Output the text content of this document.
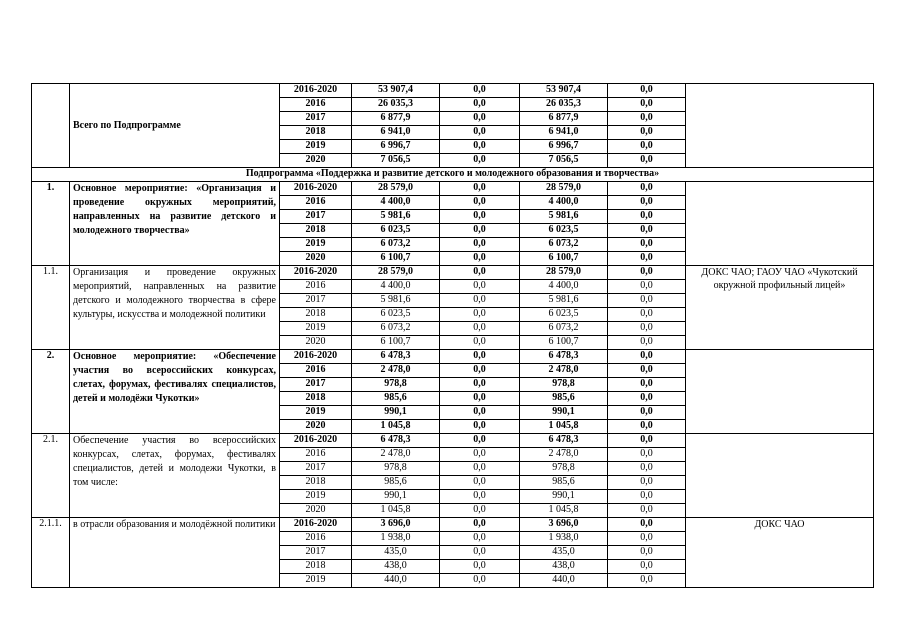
	Всего по Подпрограмме	2016-2020	53 907,4	0,0	53 907,4	0,0	
		2016	26 035,3	0,0	26 035,3	0,0	
		2017	6 877,9	0,0	6 877,9	0,0	
		2018	6 941,0	0,0	6 941,0	0,0	
		2019	6 996,7	0,0	6 996,7	0,0	
		2020	7 056,5	0,0	7 056,5	0,0	
Подпрограмма «Поддержка и развитие детского и молодежного образования и творчества»							
1.	Основное мероприятие: «Организация и проведение окружных мероприятий, направленных на развитие детского и молодежного творчества»	2016-2020	28 579,0	0,0	28 579,0	0,0	
		2016	4 400,0	0,0	4 400,0	0,0	
		2017	5 981,6	0,0	5 981,6	0,0	
		2018	6 023,5	0,0	6 023,5	0,0	
		2019	6 073,2	0,0	6 073,2	0,0	
		2020	6 100,7	0,0	6 100,7	0,0	
1.1.	Организация и проведение окружных мероприятий, направленных на развитие детского и молодежного творчества в сфере культуры, искусства и молодежной политики	2016-2020	28 579,0	0,0	28 579,0	0,0	ДОКС ЧАО; ГАОУ ЧАО «Чукотский окружной профильный лицей»
		2016	4 400,0	0,0	4 400,0	0,0	
		2017	5 981,6	0,0	5 981,6	0,0	
		2018	6 023,5	0,0	6 023,5	0,0	
		2019	6 073,2	0,0	6 073,2	0,0	
		2020	6 100,7	0,0	6 100,7	0,0	
2.	Основное мероприятие: «Обеспечение участия во всероссийских конкурсах, слетах, форумах, фестивалях специалистов, детей и молодёжи Чукотки»	2016-2020	6 478,3	0,0	6 478,3	0,0	
		2016	2 478,0	0,0	2 478,0	0,0	
		2017	978,8	0,0	978,8	0,0	
		2018	985,6	0,0	985,6	0,0	
		2019	990,1	0,0	990,1	0,0	
		2020	1 045,8	0,0	1 045,8	0,0	
2.1.	Обеспечение участия во всероссийских конкурсах, слетах, форумах, фестивалях специалистов, детей и молодежи Чукотки, в том числе:	2016-2020	6 478,3	0,0	6 478,3	0,0	
		2016	2 478,0	0,0	2 478,0	0,0	
		2017	978,8	0,0	978,8	0,0	
		2018	985,6	0,0	985,6	0,0	
		2019	990,1	0,0	990,1	0,0	
		2020	1 045,8	0,0	1 045,8	0,0	
2.1.1.	в отрасли образования и молодёжной политики	2016-2020	3 696,0	0,0	3 696,0	0,0	ДОКС ЧАО
		2016	1 938,0	0,0	1 938,0	0,0	
		2017	435,0	0,0	435,0	0,0	
		2018	438,0	0,0	438,0	0,0	
		2019	440,0	0,0	440,0	0,0	
